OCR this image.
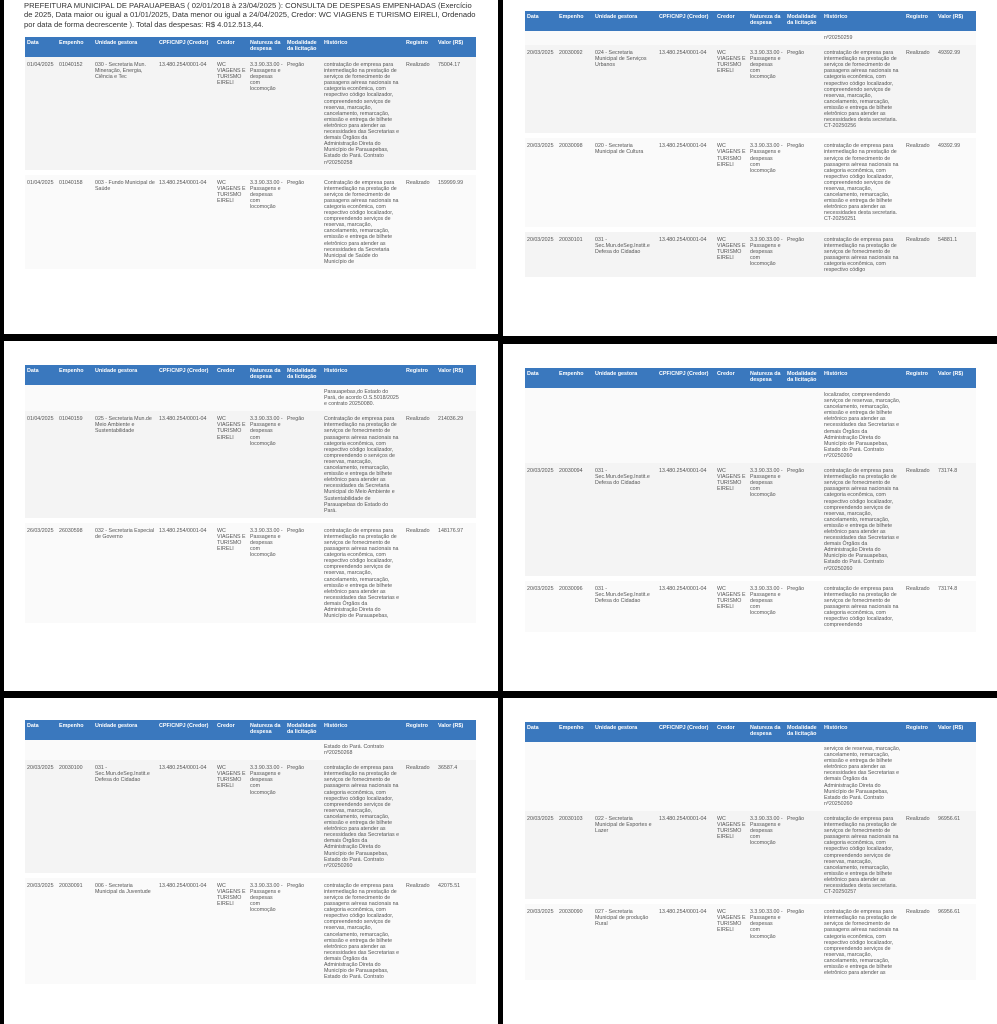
PREFEITURA MUNICIPAL DE PARAUAPEBAS ( 02/01/2018 à 23/04/2025 ): CONSULTA DE DESPESAS EMPENHADAS (Exercício de 2025, Data maior ou igual a 01/01/2025, Data menor ou igual a 24/04/2025, Credor: WC VIAGENS E TURISMO EIRELI, Ordenado por data de forma decrescente ). Total das despesas: R$ 4.012.513,44.
Data	Empenho	Unidade gestora	CPF/CNPJ (Credor)	Credor	Natureza da despesa	Modalidade da licitação	Histórico	Registro	Valor (R$)
01/04/2025	01040152	030 - Secretaria Mun. Mineração, Energia, Ciência e Tec	13.480.254/0001-04	WC VIAGENS E TURISMO EIRELI	3.3.90.33.00 - Passagens e despesas com locomoção	Pregão	contratação de empresa para intermediação na prestação de serviços de fornecimento de passagens aéreas nacionais na categoria econômica, com respectivo código localizador, compreendendo serviços de reservas, marcação, cancelamento, remarcação, emissão e entrega de bilhete eletrônico para atender as necessidades das Secretarias e demais Órgãos da Administração Direta do Município de Parauapebas, Estado do Pará. Contrato nº20250258	Realizado	75004.17
01/04/2025	01040158	003 - Fundo Municipal de Saúde	13.480.254/0001-04	WC VIAGENS E TURISMO EIRELI	3.3.90.33.00 - Passagens e despesas com locomoção	Pregão	Contratação de empresa para intermediação na prestação de serviços de fornecimento de passagens aéreas nacionais na categoria econômica, com respectivo código localizador, compreendendo serviços de reservas, marcação, cancelamento, remarcação, emissão e entrega de bilhete eletrônico para atender as necessidades da Secretaria Municipal de Saúde do Município de	Realizado	159999.99
Data	Empenho	Unidade gestora	CPF/CNPJ (Credor)	Credor	Natureza da despesa	Modalidade da licitação	Histórico	Registro	Valor (R$)
							nº20250259		
20/03/2025	20030092	024 - Secretaria Municipal de Serviços Urbanos	13.480.254/0001-04	WC VIAGENS E TURISMO EIRELI	3.3.90.33.00 - Passagens e despesas com locomoção	Pregão	contratação de empresa para intermediação na prestação de serviços de fornecimento de passagens aéreas nacionais na categoria econômica, com respectivo código localizador, compreendendo serviços de reservas, marcação, cancelamento, remarcação, emissão e entrega de bilhete eletrônico para atender as necessidades desta secretaria. CT-20250256	Realizado	49392.99
20/03/2025	20030098	020 - Secretaria Municipal de Cultura	13.480.254/0001-04	WC VIAGENS E TURISMO EIRELI	3.3.90.33.00 - Passagens e despesas com locomoção	Pregão	contratação de empresa para intermediação na prestação de serviços de fornecimento de passagens aéreas nacionais na categoria econômica, com respectivo código localizador, compreendendo serviços de reservas, marcação, cancelamento, remarcação, emissão e entrega de bilhete eletrônico para atender as necessidades desta secretaria. CT-20250251	Realizado	49392.99
20/03/2025	20030101	031 - Sec.Mun.deSeg.Instit.e Defesa do Cidadao	13.480.254/0001-04	WC VIAGENS E TURISMO EIRELI	3.3.90.33.00 - Passagens e despesas com locomoção	Pregão	contratação de empresa para intermediação na prestação de serviços de fornecimento de passagens aéreas nacionais na categoria econômica, com respectivo código	Realizado	54881.1
Data	Empenho	Unidade gestora	CPF/CNPJ (Credor)	Credor	Natureza da despesa	Modalidade da licitação	Histórico	Registro	Valor (R$)
							Parauapebas,do Estado do Pará, de acordo O.S.5018/2025 e contrato 20250080.		
01/04/2025	01040159	025 - Secretaria Mun.de Meio Ambiente e Sustentabilidade	13.480.254/0001-04	WC VIAGENS E TURISMO EIRELI	3.3.90.33.00 - Passagens e despesas com locomoção	Pregão	Contratação de empresa para intermediação na prestação de serviços de fornecimento de passagens aéreas nacionais na categoria econômica, com respectivo código localizador, compreendendo o serviços de reservas, marcação, cancelamento, remarcação, emissão e entrega de bilhete eletrônico para atender as necessidades da Secretaria Municipal do Meio Ambiente e Sustentabilidade de Parauapebas do Estado do Pará.	Realizado	214036.29
26/03/2025	26030598	032 - Secretaria Especial de Governo	13.480.254/0001-04	WC VIAGENS E TURISMO EIRELI	3.3.90.33.00 - Passagens e despesas com locomoção	Pregão	contratação de empresa para intermediação na prestação de serviços de fornecimento de passagens aéreas nacionais na categoria econômica, com respectivo código localizador, compreendendo serviços de reservas, marcação, cancelamento, remarcação, emissão e entrega de bilhete eletrônico para atender as necessidades das Secretarias e demais Órgãos da Administração Direta do Município de Parauapebas,	Realizado	148176.97
Data	Empenho	Unidade gestora	CPF/CNPJ (Credor)	Credor	Natureza da despesa	Modalidade da licitação	Histórico	Registro	Valor (R$)
							localizador, compreendendo serviços de reservas, marcação, cancelamento, remarcação, emissão e entrega de bilhete eletrônico para atender as necessidades das Secretarias e demais Órgãos da Administração Direta do Município de Parauapebas, Estado do Pará. Contrato nº20250260		
20/03/2025	20030094	031 - Sec.Mun.deSeg.Instit.e Defesa do Cidadao	13.480.254/0001-04	WC VIAGENS E TURISMO EIRELI	3.3.90.33.00 - Passagens e despesas com locomoção	Pregão	contratação de empresa para intermediação na prestação de serviços de fornecimento de passagens aéreas nacionais na categoria econômica, com respectivo código localizador, compreendendo serviços de reservas, marcação, cancelamento, remarcação, emissão e entrega de bilhete eletrônico para atender as necessidades das Secretarias e demais Órgãos da Administração Direta do Município de Parauapebas, Estado do Pará. Contrato nº20250260	Realizado	73174.8
20/03/2025	20030096	031 - Sec.Mun.deSeg.Instit.e Defesa do Cidadao	13.480.254/0001-04	WC VIAGENS E TURISMO EIRELI	3.3.90.33.00 - Passagens e despesas com locomoção	Pregão	contratação de empresa para intermediação na prestação de serviços de fornecimento de passagens aéreas nacionais na categoria econômica, com respectivo código localizador, compreendendo	Realizado	73174.8
Data	Empenho	Unidade gestora	CPF/CNPJ (Credor)	Credor	Natureza da despesa	Modalidade da licitação	Histórico	Registro	Valor (R$)
							Estado do Pará. Contrato nº20250268		
20/03/2025	20030100	031 - Sec.Mun.deSeg.Instit.e Defesa do Cidadao	13.480.254/0001-04	WC VIAGENS E TURISMO EIRELI	3.3.90.33.00 - Passagens e despesas com locomoção	Pregão	contratação de empresa para intermediação na prestação de serviços de fornecimento de passagens aéreas nacionais na categoria econômica, com respectivo código localizador, compreendendo serviços de reservas, marcação, cancelamento, remarcação, emissão e entrega de bilhete eletrônico para atender as necessidades das Secretarias e demais Órgãos da Administração Direta do Município de Parauapebas, Estado do Pará. Contrato nº20250260	Realizado	36587.4
20/03/2025	20030091	006 - Secretaria Municipal da Juventude	13.480.254/0001-04	WC VIAGENS E TURISMO EIRELI	3.3.90.33.00 - Passagens e despesas com locomoção	Pregão	contratação de empresa para intermediação na prestação de serviços de fornecimento de passagens aéreas nacionais na categoria econômica, com respectivo código localizador, compreendendo serviços de reservas, marcação, cancelamento, remarcação, emissão e entrega de bilhete eletrônico para atender as necessidades das Secretarias e demais Órgãos da Administração Direta do Município de Parauapebas, Estado do Pará. Contrato	Realizado	42075.51
Data	Empenho	Unidade gestora	CPF/CNPJ (Credor)	Credor	Natureza da despesa	Modalidade da licitação	Histórico	Registro	Valor (R$)
							serviços de reservas, marcação, cancelamento, remarcação, emissão e entrega de bilhete eletrônico para atender as necessidades das Secretarias e demais Órgãos da Administração Direta do Município de Parauapebas, Estado do Pará. Contrato nº20250260		
20/03/2025	20030103	022 - Secretaria Municipal de Esportes e Lazer	13.480.254/0001-04	WC VIAGENS E TURISMO EIRELI	3.3.90.33.00 - Passagens e despesas com locomoção	Pregão	contratação de empresa para intermediação na prestação de serviços de fornecimento de passagens aéreas nacionais na categoria econômica, com respectivo código localizador, compreendendo serviços de reservas, marcação, cancelamento, remarcação, emissão e entrega de bilhete eletrônico para atender as necessidades desta secretaria. CT-20250257	Realizado	96956.61
20/03/2025	20030090	027 - Secretaria Municipal de produção Rural	13.480.254/0001-04	WC VIAGENS E TURISMO EIRELI	3.3.90.33.00 - Passagens e despesas com locomoção	Pregão	contratação de empresa para intermediação na prestação de serviços de fornecimento de passagens aéreas nacionais na categoria econômica, com respectivo código localizador, compreendendo serviços de reservas, marcação, cancelamento, remarcação, emissão e entrega de bilhete eletrônico para atender as	Realizado	96956.61
